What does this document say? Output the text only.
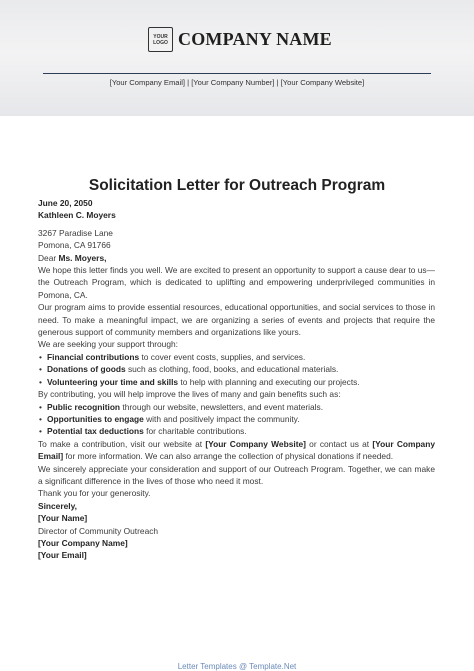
YOUR LOGO COMPANY NAME
[Your Company Email] | [Your Company Number] | [Your Company Website]
Solicitation Letter for Outreach Program

June 20, 2050

Kathleen C. Moyers

3267 Paradise Lane

Pomona, CA 91766

Dear Ms. Moyers,

We hope this letter finds you well. We are excited to present an opportunity to support a cause dear to us—the Outreach Program, which is dedicated to uplifting and empowering underprivileged communities in Pomona, CA.

Our program aims to provide essential resources, educational opportunities, and social services to those in need. To make a meaningful impact, we are organizing a series of events and projects that require the generous support of community members and organizations like yours.

We are seeking your support through:

• Financial contributions to cover event costs, supplies, and services.
• Donations of goods such as clothing, food, books, and educational materials.
• Volunteering your time and skills to help with planning and executing our projects.

By contributing, you will help improve the lives of many and gain benefits such as:

• Public recognition through our website, newsletters, and event materials.
• Opportunities to engage with and positively impact the community.
• Potential tax deductions for charitable contributions.

To make a contribution, visit our website at [Your Company Website] or contact us at [Your Company Email] for more information. We can also arrange the collection of physical donations if needed.

We sincerely appreciate your consideration and support of our Outreach Program. Together, we can make a significant difference in the lives of those who need it most.

Thank you for your generosity.

Sincerely,

[Your Name]

Director of Community Outreach

[Your Company Name]

[Your Email]

Letter Templates @ Template.Net
